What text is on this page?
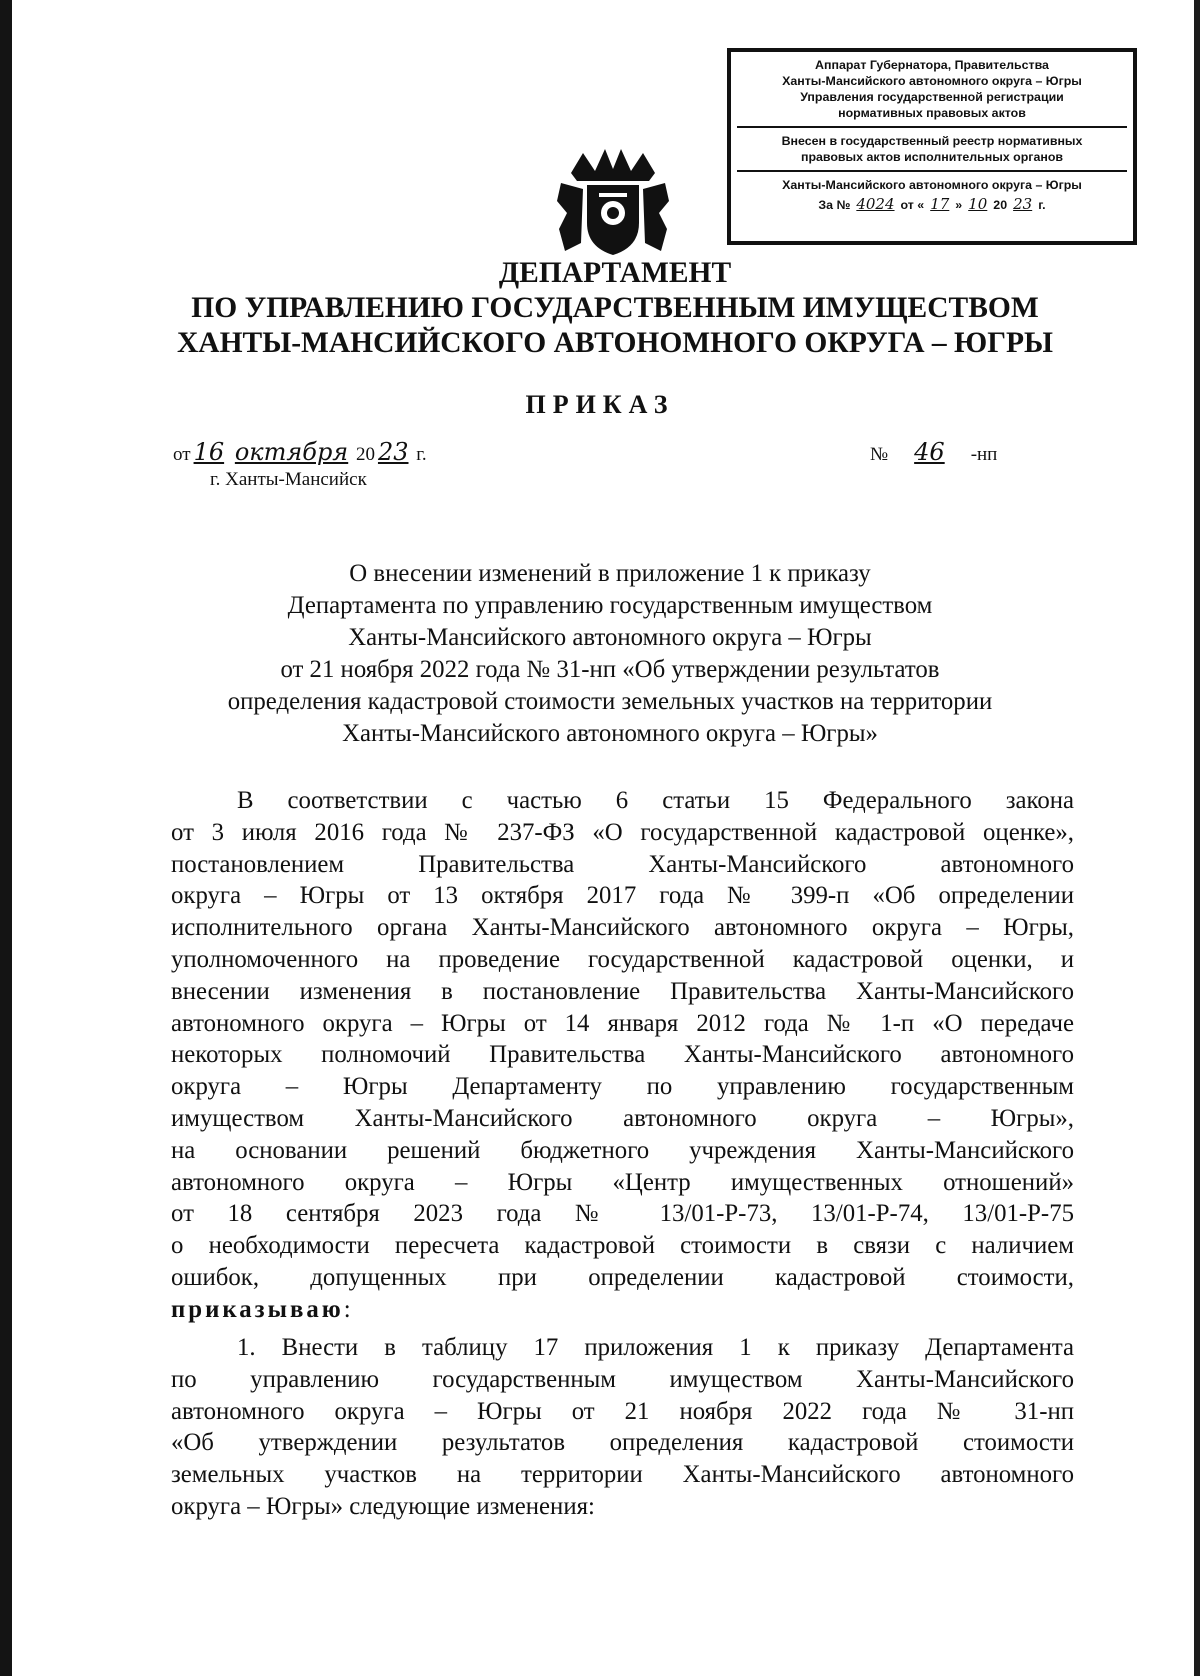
Аппарат Губернатора, Правительства
Ханты-Мансийского автономного округа – Югры
Управления государственной регистрации
нормативных правовых актов
Внесен в государственный реестр нормативных
правовых актов исполнительных органов
Ханты-Мансийского автономного округа – Югры
За № 4024 от « 17 » 10 20 23 г.
ДЕПАРТАМЕНТ
ПО УПРАВЛЕНИЮ ГОСУДАРСТВЕННЫМ ИМУЩЕСТВОМ
ХАНТЫ-МАНСИЙСКОГО АВТОНОМНОГО ОКРУГА – ЮГРЫ
ПРИКАЗ
от 16 октября 20 23 г.
г. Ханты-Мансийск
№ 46 -нп
О внесении изменений в приложение 1 к приказу
Департамента по управлению государственным имуществом
Ханты-Мансийского автономного округа – Югры
от 21 ноября 2022 года № 31-нп «Об утверждении результатов
определения кадастровой стоимости земельных участков на территории
Ханты-Мансийского автономного округа – Югры»
В соответствии с частью 6 статьи 15 Федерального закона
от 3 июля 2016 года № 237-ФЗ «О государственной кадастровой оценке»,
постановлением Правительства Ханты-Мансийского автономного
округа – Югры от 13 октября 2017 года № 399-п «Об определении
исполнительного органа Ханты-Мансийского автономного округа – Югры,
уполномоченного на проведение государственной кадастровой оценки, и
внесении изменения в постановление Правительства Ханты-Мансийского
автономного округа – Югры от 14 января 2012 года № 1-п «О передаче
некоторых полномочий Правительства Ханты-Мансийского автономного
округа – Югры Департаменту по управлению государственным
имуществом Ханты-Мансийского автономного округа – Югры»,
на основании решений бюджетного учреждения Ханты-Мансийского
автономного округа – Югры «Центр имущественных отношений»
от 18 сентября 2023 года № 13/01-Р-73, 13/01-Р-74, 13/01-Р-75
о необходимости пересчета кадастровой стоимости в связи с наличием
ошибок, допущенных при определении кадастровой стоимости,
приказываю:
1. Внести в таблицу 17 приложения 1 к приказу Департамента
по управлению государственным имуществом Ханты-Мансийского
автономного округа – Югры от 21 ноября 2022 года № 31-нп
«Об утверждении результатов определения кадастровой стоимости
земельных участков на территории Ханты-Мансийского автономного
округа – Югры» следующие изменения:
